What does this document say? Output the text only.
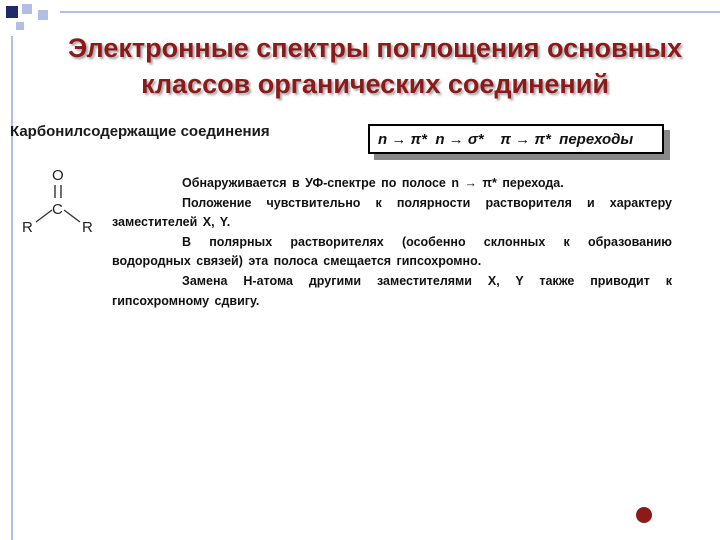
Электронные спектры поглощения основных
классов органических соединений
Карбонилсодержащие соединения	n → π*  n → σ*    π → π*  переходы
O
C
R	R

Обнаруживается в УФ-спектре по полосе n → π* перехода.

Положение чувствительно к полярности растворителя и характеру заместителей X, Y.

В полярных растворителях (особенно склонных к образованию водородных связей) эта полоса смещается гипсохромно.

Замена Н-атома другими заместителями X, Y также приводит к гипсохромному сдвигу.
